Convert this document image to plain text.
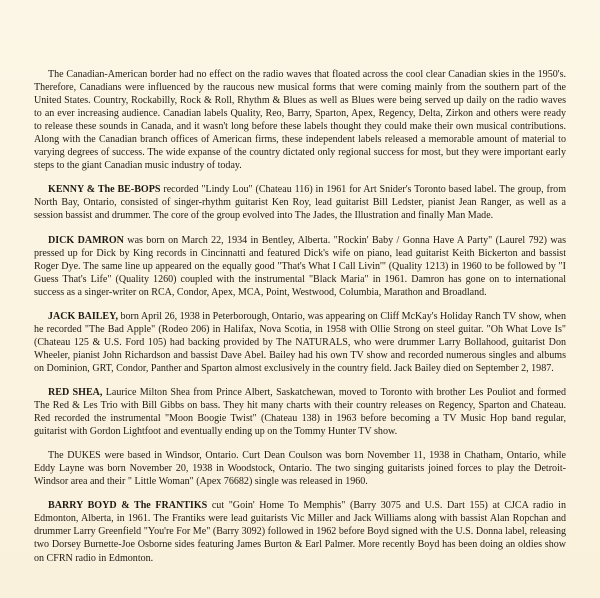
The Canadian-American border had no effect on the radio waves that floated across the cool clear Canadian skies in the 1950's. Therefore, Canadians were influenced by the raucous new musical forms that were coming mainly from the southern part of the United States. Country, Rockabilly, Rock & Roll, Rhythm & Blues as well as Blues were being served up daily on the radio waves to an ever increasing audience. Canadian labels Quality, Reo, Barry, Sparton, Apex, Regency, Delta, Zirkon and others were ready to release these sounds in Canada, and it wasn't long before these labels thought they could make their own musical contributions. Along with the Canadian branch offices of American firms, these independent labels released a memorable amount of material to varying degrees of success. The wide expanse of the country dictated only regional success for most, but they were important early steps to the giant Canadian music industry of today.

KENNY & The BE-BOPS recorded "Lindy Lou" (Chateau 116) in 1961 for Art Snider's Toronto based label. The group, from North Bay, Ontario, consisted of singer-rhythm guitarist Ken Roy, lead guitarist Bill Ledster, pianist Jean Ranger, as well as a session bassist and drummer. The core of the group evolved into The Jades, the Illustration and finally Man Made.

DICK DAMRON was born on March 22, 1934 in Bentley, Alberta. "Rockin' Baby / Gonna Have A Party" (Laurel 792) was pressed up for Dick by King records in Cincinnatti and featured Dick's wife on piano, lead guitarist Keith Bickerton and bassist Roger Dye. The same line up appeared on the equally good "That's What I Call Livin'" (Quality 1213) in 1960 to be followed by "I Guess That's Life" (Quality 1260) coupled with the instrumental "Black Maria" in 1961. Damron has gone on to international success as a singer-writer on RCA, Condor, Apex, MCA, Point, Westwood, Columbia, Marathon and Broadland.

JACK BAILEY, born April 26, 1938 in Peterborough, Ontario, was appearing on Cliff McKay's Holiday Ranch TV show, when he recorded "The Bad Apple" (Rodeo 206) in Halifax, Nova Scotia, in 1958 with Ollie Strong on steel guitar. "Oh What Love Is" (Chateau 125 & U.S. Ford 105) had backing provided by The NATURALS, who were drummer Larry Bollahood, guitarist Don Wheeler, pianist John Richardson and bassist Dave Abel. Bailey had his own TV show and recorded numerous singles and albums on Dominion, GRT, Condor, Panther and Sparton almost exclusively in the country field. Jack Bailey died on September 2, 1987.

RED SHEA, Laurice Milton Shea from Prince Albert, Saskatchewan, moved to Toronto with brother Les Pouliot and formed The Red & Les Trio with Bill Gibbs on bass. They hit many charts with their country releases on Regency, Sparton and Chateau. Red recorded the instrumental "Moon Boogie Twist" (Chateau 138) in 1963 before becoming a TV Music Hop band regular, guitarist with Gordon Lightfoot and eventually ending up on the Tommy Hunter TV show.

The DUKES were based in Windsor, Ontario. Curt Dean Coulson was born November 11, 1938 in Chatham, Ontario, while Eddy Layne was born November 20, 1938 in Woodstock, Ontario. The two singing guitarists joined forces to play the Detroit-Windsor area and their " Little Woman" (Apex 76682) single was released in 1960.

BARRY BOYD & The FRANTIKS cut "Goin' Home To Memphis" (Barry 3075 and U.S. Dart 155) at CJCA radio in Edmonton, Alberta, in 1961. The Frantiks were lead guitarists Vic Miller and Jack Williams along with bassist Alan Ropchan and drummer Larry Greenfield "You're For Me" (Barry 3092) followed in 1962 before Boyd signed with the U.S. Donna label, releasing two Dorsey Burnette-Joe Osborne sides featuring James Burton & Earl Palmer. More recently Boyd has been doing an oldies show on CFRN radio in Edmonton.
